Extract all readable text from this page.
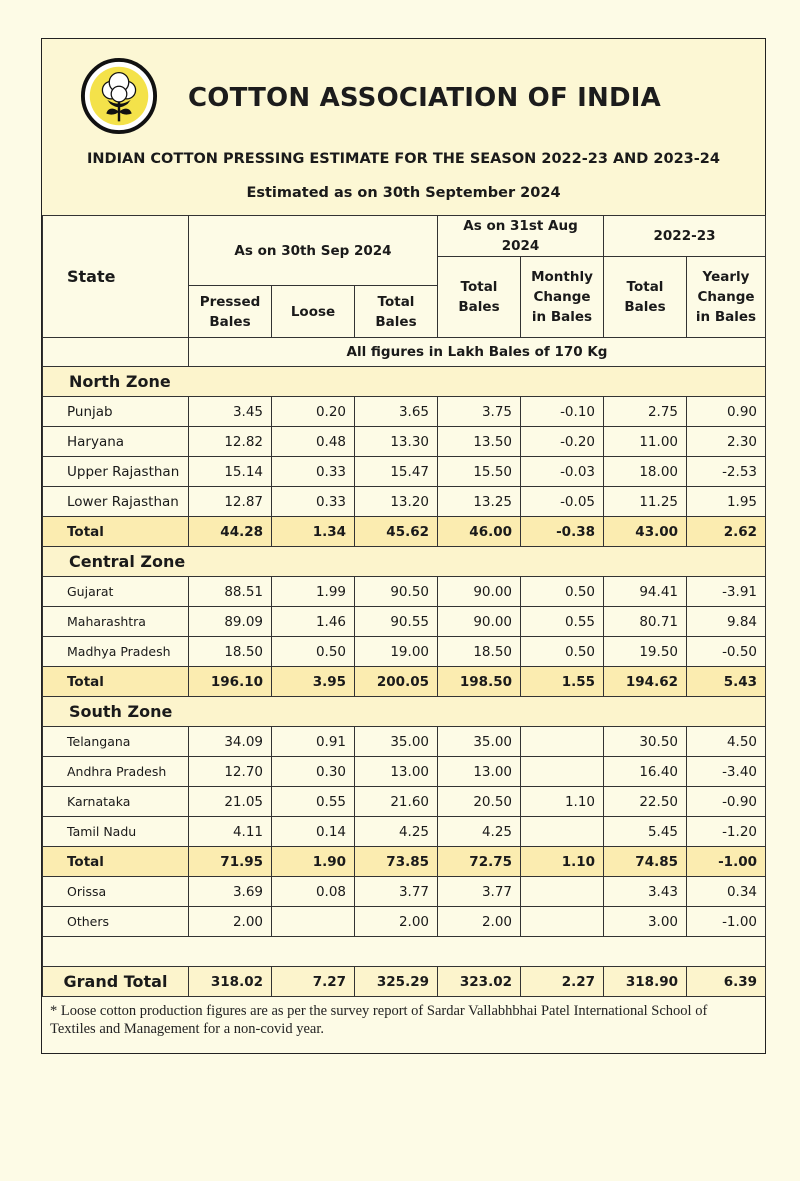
COTTON ASSOCIATION OF INDIA
INDIAN COTTON PRESSING ESTIMATE FOR THE SEASON 2022-23 AND 2023-24
Estimated as on 30th September 2024
State	As on 30th Sep 2024			As on 31st Aug 2024		2022-23	
				Total Bales	Monthly Change in Bales	Total Bales	Yearly Change in Bales
	Pressed Bales	Loose	Total Bales				
	All figures in Lakh Bales of 170 Kg						
North Zone							
Punjab	3.45	0.20	3.65	3.75	-0.10	2.75	0.90
Haryana	12.82	0.48	13.30	13.50	-0.20	11.00	2.30
Upper Rajasthan	15.14	0.33	15.47	15.50	-0.03	18.00	-2.53
Lower Rajasthan	12.87	0.33	13.20	13.25	-0.05	11.25	1.95
Total	44.28	1.34	45.62	46.00	-0.38	43.00	2.62
Central Zone							
Gujarat	88.51	1.99	90.50	90.00	0.50	94.41	-3.91
Maharashtra	89.09	1.46	90.55	90.00	0.55	80.71	9.84
Madhya Pradesh	18.50	0.50	19.00	18.50	0.50	19.50	-0.50
Total	196.10	3.95	200.05	198.50	1.55	194.62	5.43
South Zone							
Telangana	34.09	0.91	35.00	35.00		30.50	4.50
Andhra Pradesh	12.70	0.30	13.00	13.00		16.40	-3.40
Karnataka	21.05	0.55	21.60	20.50	1.10	22.50	-0.90
Tamil Nadu	4.11	0.14	4.25	4.25		5.45	-1.20
Total	71.95	1.90	73.85	72.75	1.10	74.85	-1.00
Orissa	3.69	0.08	3.77	3.77		3.43	0.34
Others	2.00		2.00	2.00		3.00	-1.00

Grand Total	318.02	7.27	325.29	323.02	2.27	318.90	6.39
* Loose cotton production figures are as per the survey report of Sardar Vallabhbhai Patel International School of Textiles and Management for a non-covid year.
